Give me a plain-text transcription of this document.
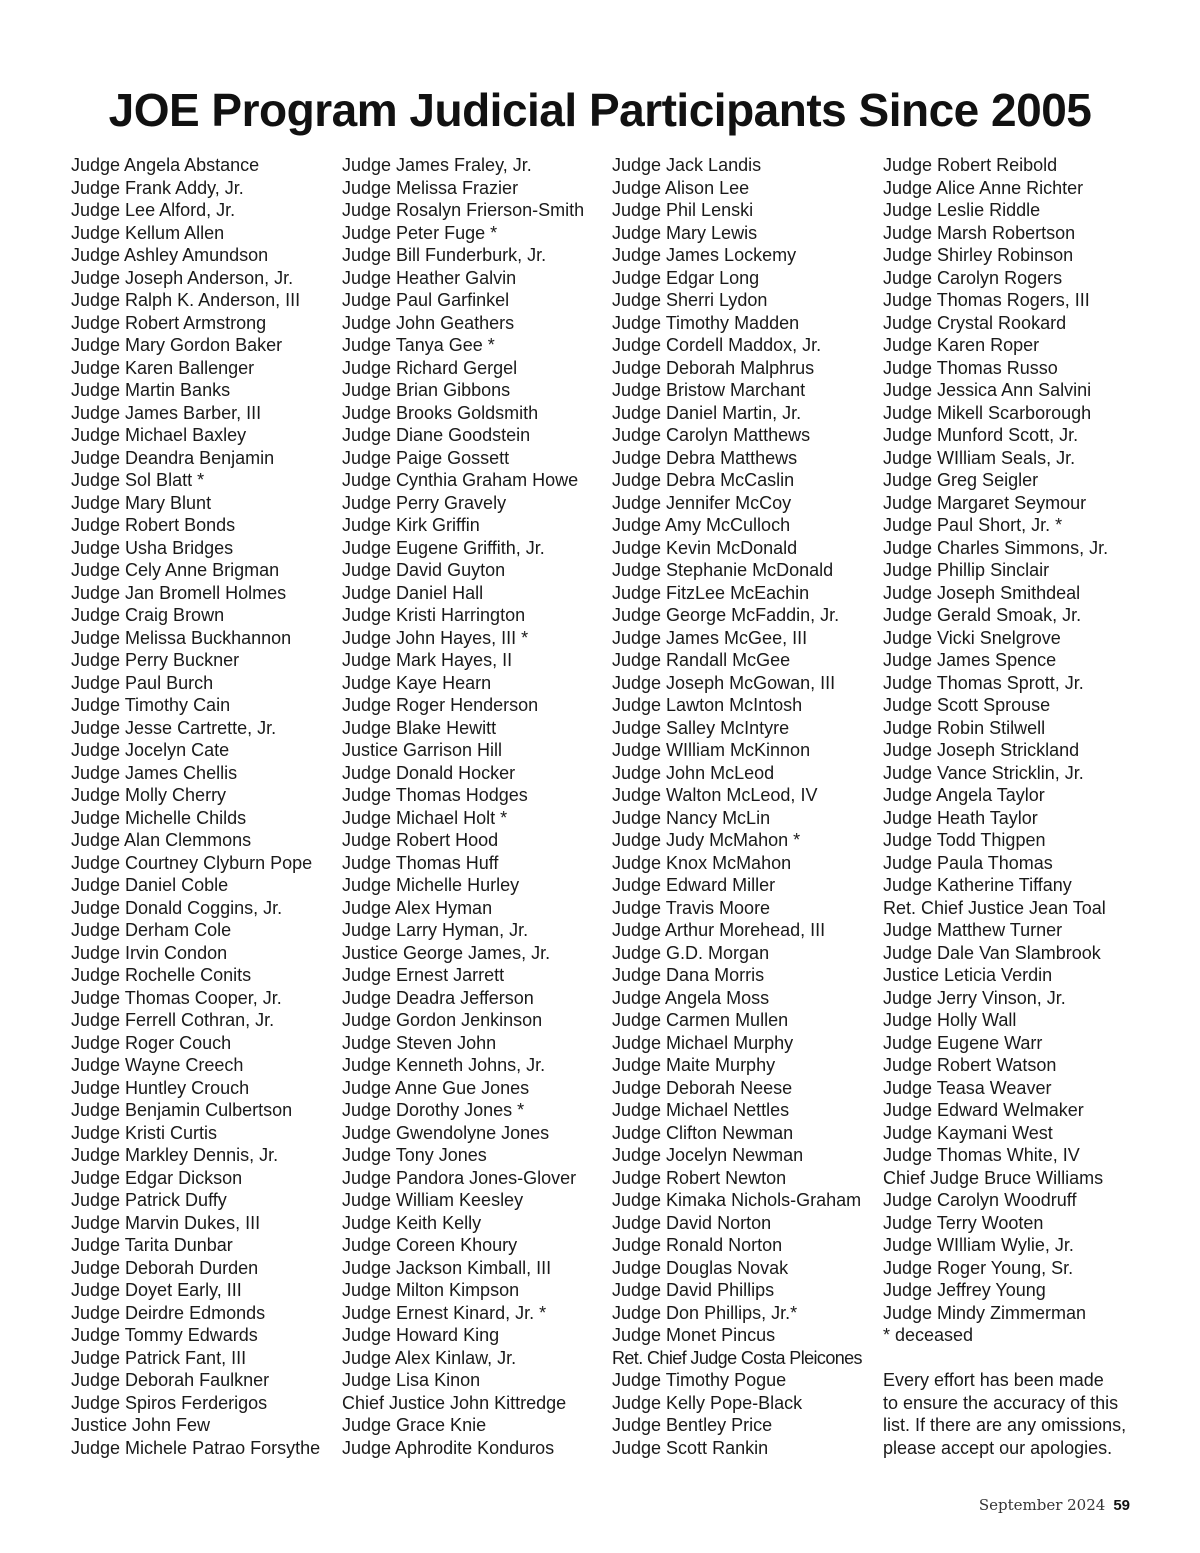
JOE Program Judicial Participants Since 2005
Judge Angela Abstance
Judge Frank Addy, Jr.
Judge Lee Alford, Jr.
Judge Kellum Allen
Judge Ashley Amundson
Judge Joseph Anderson, Jr.
Judge Ralph K. Anderson, III
Judge Robert Armstrong
Judge Mary Gordon Baker
Judge Karen Ballenger
Judge Martin Banks
Judge James Barber, III
Judge Michael Baxley
Judge Deandra Benjamin
Judge Sol Blatt *
Judge Mary Blunt
Judge Robert Bonds
Judge Usha Bridges
Judge Cely Anne Brigman
Judge Jan Bromell Holmes
Judge Craig Brown
Judge Melissa Buckhannon
Judge Perry Buckner
Judge Paul Burch
Judge Timothy Cain
Judge Jesse Cartrette, Jr.
Judge Jocelyn Cate
Judge James Chellis
Judge Molly Cherry
Judge Michelle Childs
Judge Alan Clemmons
Judge Courtney Clyburn Pope
Judge Daniel Coble
Judge Donald Coggins, Jr.
Judge Derham Cole
Judge Irvin Condon
Judge Rochelle Conits
Judge Thomas Cooper, Jr.
Judge Ferrell Cothran, Jr.
Judge Roger Couch
Judge Wayne Creech
Judge Huntley Crouch
Judge Benjamin Culbertson
Judge Kristi Curtis
Judge Markley Dennis, Jr.
Judge Edgar Dickson
Judge Patrick Duffy
Judge Marvin Dukes, III
Judge Tarita Dunbar
Judge Deborah Durden
Judge Doyet Early, III
Judge Deirdre Edmonds
Judge Tommy Edwards
Judge Patrick Fant, III
Judge Deborah Faulkner
Judge Spiros Ferderigos
Justice John Few
Judge Michele Patrao Forsythe
Judge James Fraley, Jr.
Judge Melissa Frazier
Judge Rosalyn Frierson-Smith
Judge Peter Fuge *
Judge Bill Funderburk, Jr.
Judge Heather Galvin
Judge Paul Garfinkel
Judge John Geathers
Judge Tanya Gee *
Judge Richard Gergel
Judge Brian Gibbons
Judge Brooks Goldsmith
Judge Diane Goodstein
Judge Paige Gossett
Judge Cynthia Graham Howe
Judge Perry Gravely
Judge Kirk Griffin
Judge Eugene Griffith, Jr.
Judge David Guyton
Judge Daniel Hall
Judge Kristi Harrington
Judge John Hayes, III *
Judge Mark Hayes, II
Judge Kaye Hearn
Judge Roger Henderson
Judge Blake Hewitt
Justice Garrison Hill
Judge Donald Hocker
Judge Thomas Hodges
Judge Michael Holt *
Judge Robert Hood
Judge Thomas Huff
Judge Michelle Hurley
Judge Alex Hyman
Judge Larry Hyman, Jr.
Justice George James, Jr.
Judge Ernest Jarrett
Judge Deadra Jefferson
Judge Gordon Jenkinson
Judge Steven John
Judge Kenneth Johns, Jr.
Judge Anne Gue Jones
Judge Dorothy Jones *
Judge Gwendolyne Jones
Judge Tony Jones
Judge Pandora Jones-Glover
Judge William Keesley
Judge Keith Kelly
Judge Coreen Khoury
Judge Jackson Kimball, III
Judge Milton Kimpson
Judge Ernest Kinard, Jr. *
Judge Howard King
Judge Alex Kinlaw, Jr.
Judge Lisa Kinon
Chief Justice John Kittredge
Judge Grace Knie
Judge Aphrodite Konduros
Judge Jack Landis
Judge Alison Lee
Judge Phil Lenski
Judge Mary Lewis
Judge James Lockemy
Judge Edgar Long
Judge Sherri Lydon
Judge Timothy Madden
Judge Cordell Maddox, Jr.
Judge Deborah Malphrus
Judge Bristow Marchant
Judge Daniel Martin, Jr.
Judge Carolyn Matthews
Judge Debra Matthews
Judge Debra McCaslin
Judge Jennifer McCoy
Judge Amy McCulloch
Judge Kevin McDonald
Judge Stephanie McDonald
Judge FitzLee McEachin
Judge George McFaddin, Jr.
Judge James McGee, III
Judge Randall McGee
Judge Joseph McGowan, III
Judge Lawton McIntosh
Judge Salley McIntyre
Judge WIlliam McKinnon
Judge John McLeod
Judge Walton McLeod, IV
Judge Nancy McLin
Judge Judy McMahon *
Judge Knox McMahon
Judge Edward Miller
Judge Travis Moore
Judge Arthur Morehead, III
Judge G.D. Morgan
Judge Dana Morris
Judge Angela Moss
Judge Carmen Mullen
Judge Michael Murphy
Judge Maite Murphy
Judge Deborah Neese
Judge Michael Nettles
Judge Clifton Newman
Judge Jocelyn Newman
Judge Robert Newton
Judge Kimaka Nichols-Graham
Judge David Norton
Judge Ronald Norton
Judge Douglas Novak
Judge David Phillips
Judge Don Phillips, Jr.*
Judge Monet Pincus
Ret. Chief Judge Costa Pleicones
Judge Timothy Pogue
Judge Kelly Pope-Black
Judge Bentley Price
Judge Scott Rankin
Judge Robert Reibold
Judge Alice Anne Richter
Judge Leslie Riddle
Judge Marsh Robertson
Judge Shirley Robinson
Judge Carolyn Rogers
Judge Thomas Rogers, III
Judge Crystal Rookard
Judge Karen Roper
Judge Thomas Russo
Judge Jessica Ann Salvini
Judge Mikell Scarborough
Judge Munford Scott, Jr.
Judge WIlliam Seals, Jr.
Judge Greg Seigler
Judge Margaret Seymour
Judge Paul Short, Jr. *
Judge Charles Simmons, Jr.
Judge Phillip Sinclair
Judge Joseph Smithdeal
Judge Gerald Smoak, Jr.
Judge Vicki Snelgrove
Judge James Spence
Judge Thomas Sprott, Jr.
Judge Scott Sprouse
Judge Robin Stilwell
Judge Joseph Strickland
Judge Vance Stricklin, Jr.
Judge Angela Taylor
Judge Heath Taylor
Judge Todd Thigpen
Judge Paula Thomas
Judge Katherine Tiffany
Ret. Chief Justice Jean Toal
Judge Matthew Turner
Judge Dale Van Slambrook
Justice Leticia Verdin
Judge Jerry Vinson, Jr.
Judge Holly Wall
Judge Eugene Warr
Judge Robert Watson
Judge Teasa Weaver
Judge Edward Welmaker
Judge Kaymani West
Judge Thomas White, IV
Chief Judge Bruce Williams
Judge Carolyn Woodruff
Judge Terry Wooten
Judge WIlliam Wylie, Jr.
Judge Roger Young, Sr.
Judge Jeffrey Young
Judge Mindy Zimmerman
* deceased
Every effort has been made
to ensure the accuracy of this
list. If there are any omissions,
please accept our apologies.
September 2024 59
